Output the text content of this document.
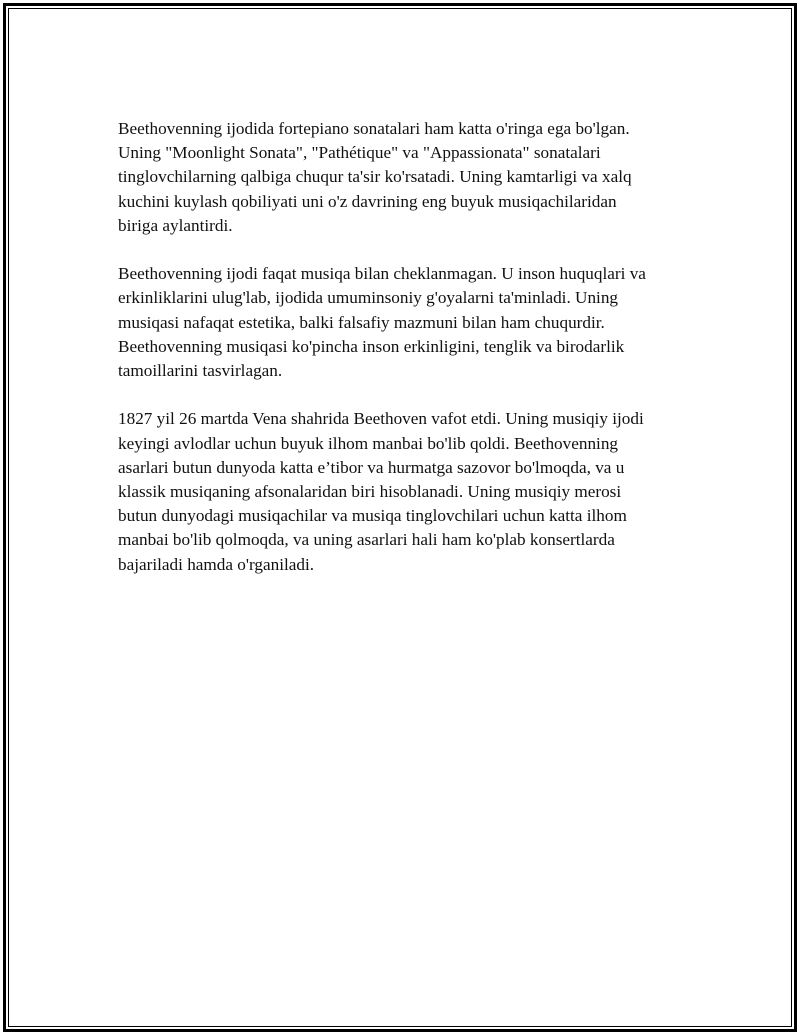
Beethovenning ijodida fortepiano sonatalari ham katta o'ringa ega bo'lgan.
Uning "Moonlight Sonata", "Pathétique" va "Appassionata" sonatalari
tinglovchilarning qalbiga chuqur ta'sir ko'rsatadi. Uning kamtarligi va xalq
kuchini kuylash qobiliyati uni o'z davrining eng buyuk musiqachilaridan
biriga aylantirdi.

Beethovenning ijodi faqat musiqa bilan cheklanmagan. U inson huquqlari va
erkinliklarini ulug'lab, ijodida umuminsoniy g'oyalarni ta'minladi. Uning
musiqasi nafaqat estetika, balki falsafiy mazmuni bilan ham chuqurdir.
Beethovenning musiqasi ko'pincha inson erkinligini, tenglik va birodarlik
tamoillarini tasvirlagan.

1827 yil 26 martda Vena shahrida Beethoven vafot etdi. Uning musiqiy ijodi
keyingi avlodlar uchun buyuk ilhom manbai bo'lib qoldi. Beethovenning
asarlari butun dunyoda katta e’tibor va hurmatga sazovor bo'lmoqda, va u
klassik musiqaning afsonalaridan biri hisoblanadi. Uning musiqiy merosi
butun dunyodagi musiqachilar va musiqa tinglovchilari uchun katta ilhom
manbai bo'lib qolmoqda, va uning asarlari hali ham ko'plab konsertlarda
bajariladi hamda o'rganiladi.
